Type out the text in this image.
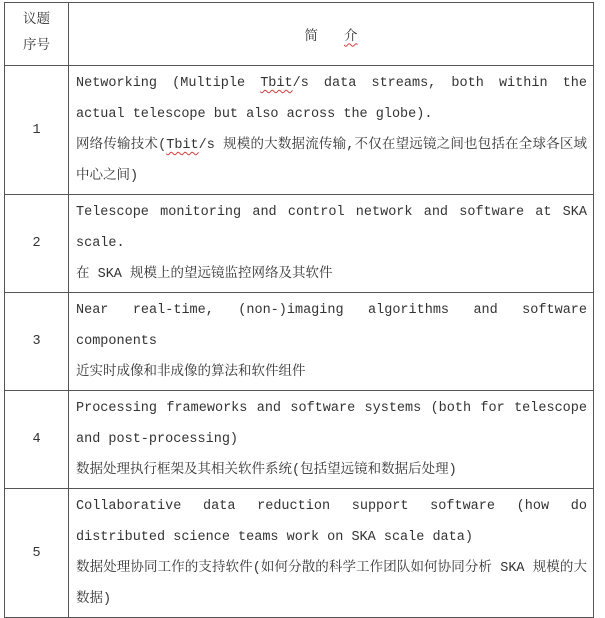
议题
序号	简 介
1	Networking (Multiple Tbit/s data streams, both within the actual telescope but also across the globe).
网络传输技术(Tbit/s 规模的大数据流传输,不仅在望远镜之间也包括在全球各区域中心之间)

2	Telescope monitoring and control network and software at SKA scale.
在 SKA 规模上的望远镜监控网络及其软件

3	Near real-time, (non-)imaging algorithms and software components
近实时成像和非成像的算法和软件组件

4	Processing frameworks and software systems (both for telescope and post-processing)
数据处理执行框架及其相关软件系统(包括望远镜和数据后处理)

5	Collaborative data reduction support software (how do distributed science teams work on SKA scale data)
数据处理协同工作的支持软件(如何分散的科学工作团队如何协同分析 SKA 规模的大数据)
